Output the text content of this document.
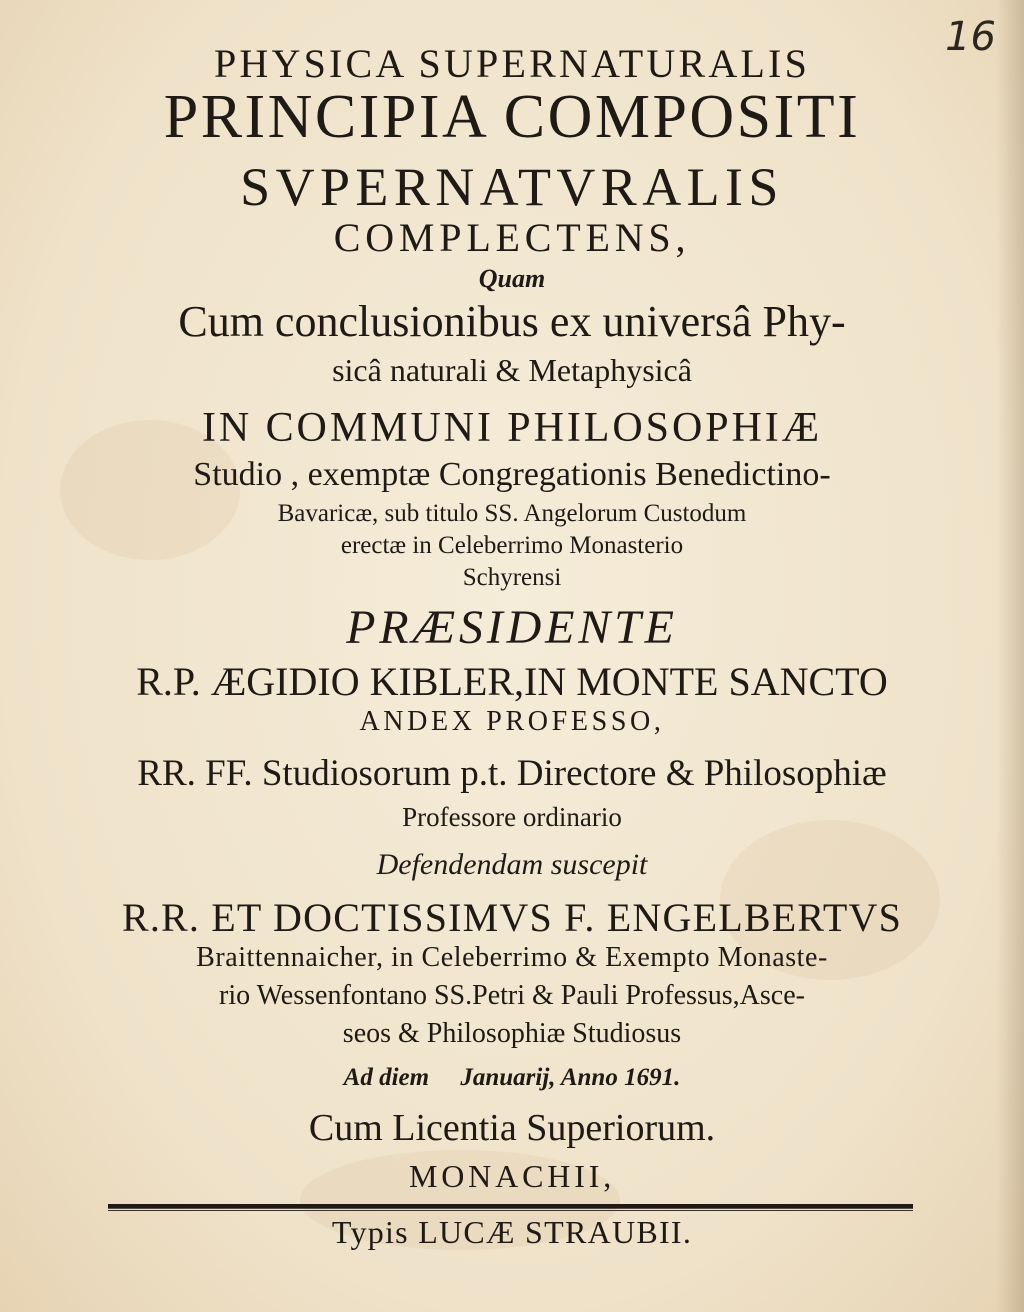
16
PHYSICA SUPERNATURALIS
PRINCIPIA COMPOSITI
SVPERNATVRALIS
COMPLECTENS,
Quam
Cum conclusionibus ex universâ Phy-
sicâ naturali & Metaphysicâ
IN COMMUNI PHILOSOPHIÆ
Studio , exemptæ Congregationis Benedictino-
Bavaricæ, sub titulo SS. Angelorum Custodum
erectæ in Celeberrimo Monasterio
Schyrensi
PRÆSIDENTE
R.P. ÆGIDIO KIBLER,IN MONTE SANCTO
ANDEX PROFESSO,
RR. FF. Studiosorum p.t. Directore & Philosophiæ
Professore ordinario
Defendendam suscepit
R.R. ET DOCTISSIMVS F. ENGELBERTVS
Braittennaicher, in Celeberrimo & Exempto Monaste-
rio Wessenfontano SS.Petri & Pauli Professus,Asce-
seos & Philosophiæ Studiosus
Ad diem     Januarij, Anno 1691.
Cum Licentia Superiorum.
MONACHII,
Typis LUCÆ STRAUBII.
